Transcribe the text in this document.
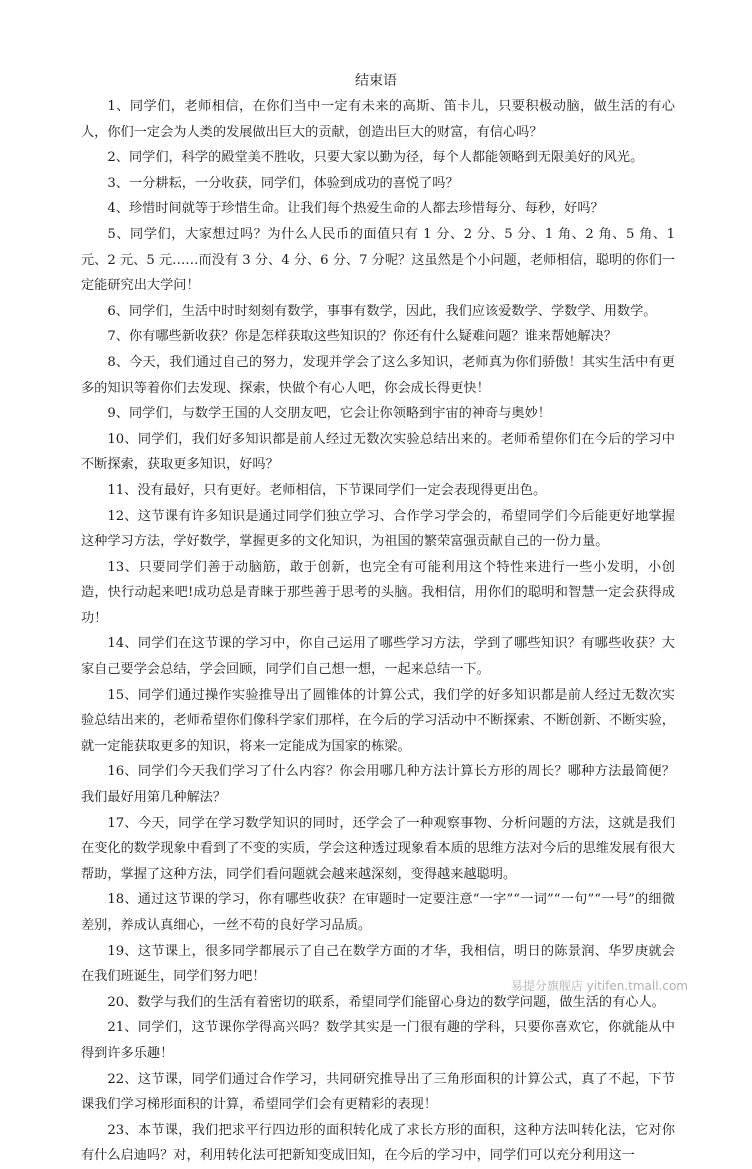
结束语

1、同学们，老师相信，在你们当中一定有未来的高斯、笛卡儿，只要积极动脑，做生活的有心人，你们一定会为人类的发展做出巨大的贡献，创造出巨大的财富，有信心吗？

2、同学们，科学的殿堂美不胜收，只要大家以勤为径，每个人都能领略到无限美好的风光。

3、一分耕耘，一分收获，同学们，体验到成功的喜悦了吗？

4、珍惜时间就等于珍惜生命。让我们每个热爱生命的人都去珍惜每分、每秒，好吗？

5、同学们，大家想过吗？为什么人民币的面值只有 1 分、2 分、5 分、1 角、2 角、5 角、1 元、2 元、5 元……而没有 3 分、4 分、6 分、7 分呢？这虽然是个小问题，老师相信，聪明的你们一定能研究出大学问！

6、同学们，生活中时时刻刻有数学，事事有数学，因此，我们应该爱数学、学数学、用数学。

7、你有哪些新收获？你是怎样获取这些知识的？你还有什么疑难问题？谁来帮她解决？

8、今天，我们通过自己的努力，发现并学会了这么多知识，老师真为你们骄傲！其实生活中有更多的知识等着你们去发现、探索，快做个有心人吧，你会成长得更快！

9、同学们，与数学王国的人交朋友吧，它会让你领略到宇宙的神奇与奥妙！

10、同学们，我们好多知识都是前人经过无数次实验总结出来的。老师希望你们在今后的学习中不断探索，获取更多知识，好吗？

11、没有最好，只有更好。老师相信，下节课同学们一定会表现得更出色。

12、这节课有许多知识是通过同学们独立学习、合作学习学会的，希望同学们今后能更好地掌握这种学习方法，学好数学，掌握更多的文化知识，为祖国的繁荣富强贡献自己的一份力量。

13、只要同学们善于动脑筋，敢于创新，也完全有可能利用这个特性来进行一些小发明，小创造，快行动起来吧!成功总是青睐于那些善于思考的头脑。我相信，用你们的聪明和智慧一定会获得成功！

14、同学们在这节课的学习中，你自己运用了哪些学习方法，学到了哪些知识？有哪些收获？大家自己要学会总结，学会回顾，同学们自己想一想，一起来总结一下。

15、同学们通过操作实验推导出了圆锥体的计算公式，我们学的好多知识都是前人经过无数次实验总结出来的，老师希望你们像科学家们那样，在今后的学习活动中不断探索、不断创新、不断实验，就一定能获取更多的知识，将来一定能成为国家的栋梁。

16、同学们今天我们学习了什么内容？你会用哪几种方法计算长方形的周长？哪种方法最简便？我们最好用第几种解法？

17、今天，同学在学习数学知识的同时，还学会了一种观察事物、分析问题的方法，这就是我们在变化的数学现象中看到了不变的实质，学会这种透过现象看本质的思维方法对今后的思维发展有很大帮助，掌握了这种方法，同学们看问题就会越来越深刻，变得越来越聪明。

18、通过这节课的学习，你有哪些收获？在审题时一定要注意“一字”“一词”“一句”“一号”的细微差别，养成认真细心，一丝不苟的良好学习品质。

19、这节课上，很多同学都展示了自己在数学方面的才华，我相信，明日的陈景润、华罗庚就会在我们班诞生，同学们努力吧！

20、数学与我们的生活有着密切的联系，希望同学们能留心身边的数学问题，做生活的有心人。

21、同学们，这节课你学得高兴吗？数学其实是一门很有趣的学科，只要你喜欢它，你就能从中得到许多乐趣！

22、这节课，同学们通过合作学习，共同研究推导出了三角形面积的计算公式，真了不起，下节课我们学习梯形面积的计算，希望同学们会有更精彩的表现！

23、本节课，我们把求平行四边形的面积转化成了求长方形的面积，这种方法叫转化法，它对你有什么启迪吗？对，利用转化法可把新知变成旧知，在今后的学习中，同学们可以充分利用这一

易提分旗舰店 yitifen.tmall.com
